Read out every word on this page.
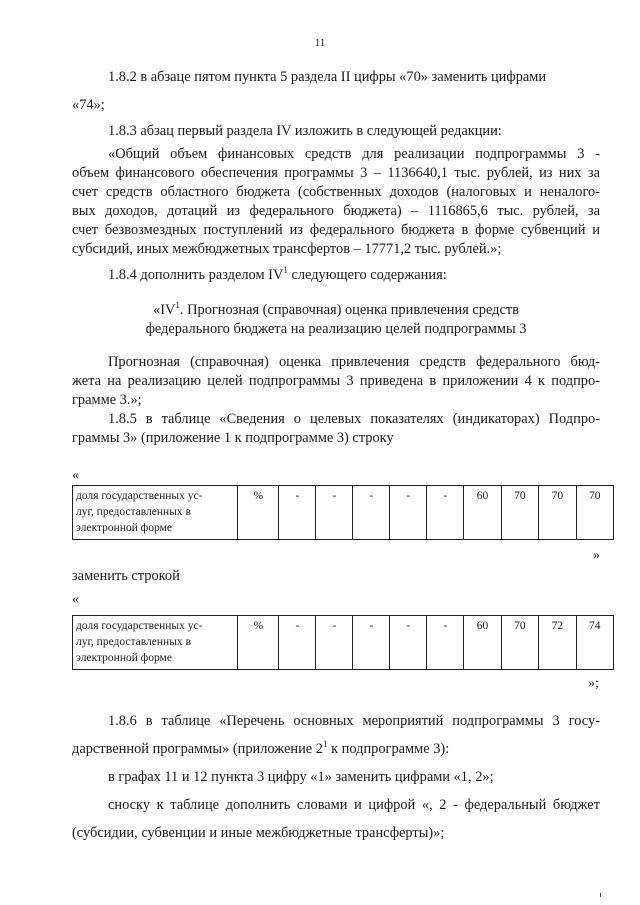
11
1.8.2 в абзаце пятом пункта 5 раздела II цифры «70» заменить цифрами
«74»;
1.8.3 абзац первый раздела IV изложить в следующей редакции:
«Общий объем финансовых средств для реализации подпрограммы 3 -
объем финансового обеспечения программы 3 – 1136640,1 тыс. рублей, из них за
счет средств областного бюджета (собственных доходов (налоговых и неналого-
вых доходов, дотаций из федерального бюджета) – 1116865,6 тыс. рублей, за
счет безвозмездных поступлений из федерального бюджета в форме субвенций и
субсидий, иных межбюджетных трансфертов – 17771,2 тыс. рублей.»;
1.8.4 дополнить разделом $IV^1$ следующего содержания:
«$IV^1$. Прогнозная (справочная) оценка привлечения средств
федерального бюджета на реализацию целей подпрограммы 3
Прогнозная (справочная) оценка привлечения средств федерального бюд-
жета на реализацию целей подпрограммы 3 приведена в приложении 4 к подпро-
грамме 3.»;
1.8.5 в таблице «Сведения о целевых показателях (индикаторах) Подпро-
граммы 3» (приложение 1 к подпрограмме 3) строку
«
доля государственных ус-
луг, предоставленных в
электронной форме
	%	-	-	-	-	-	60	70	70	70
»
заменить строкой
«
доля государственных ус-
луг, предоставленных в
электронной форме
	%	-	-	-	-	-	60	70	72	74
»;
1.8.6 в таблице «Перечень основных мероприятий подпрограммы 3 госу-
дарственной программы» (приложение $2^1$ к подпрограмме 3):
в графах 11 и 12 пункта 3 цифру «1» заменить цифрами «1, 2»;
сноску к таблице дополнить словами и цифрой «, 2 - федеральный бюджет
(субсидии, субвенции и иные межбюджетные трансферты)»;
